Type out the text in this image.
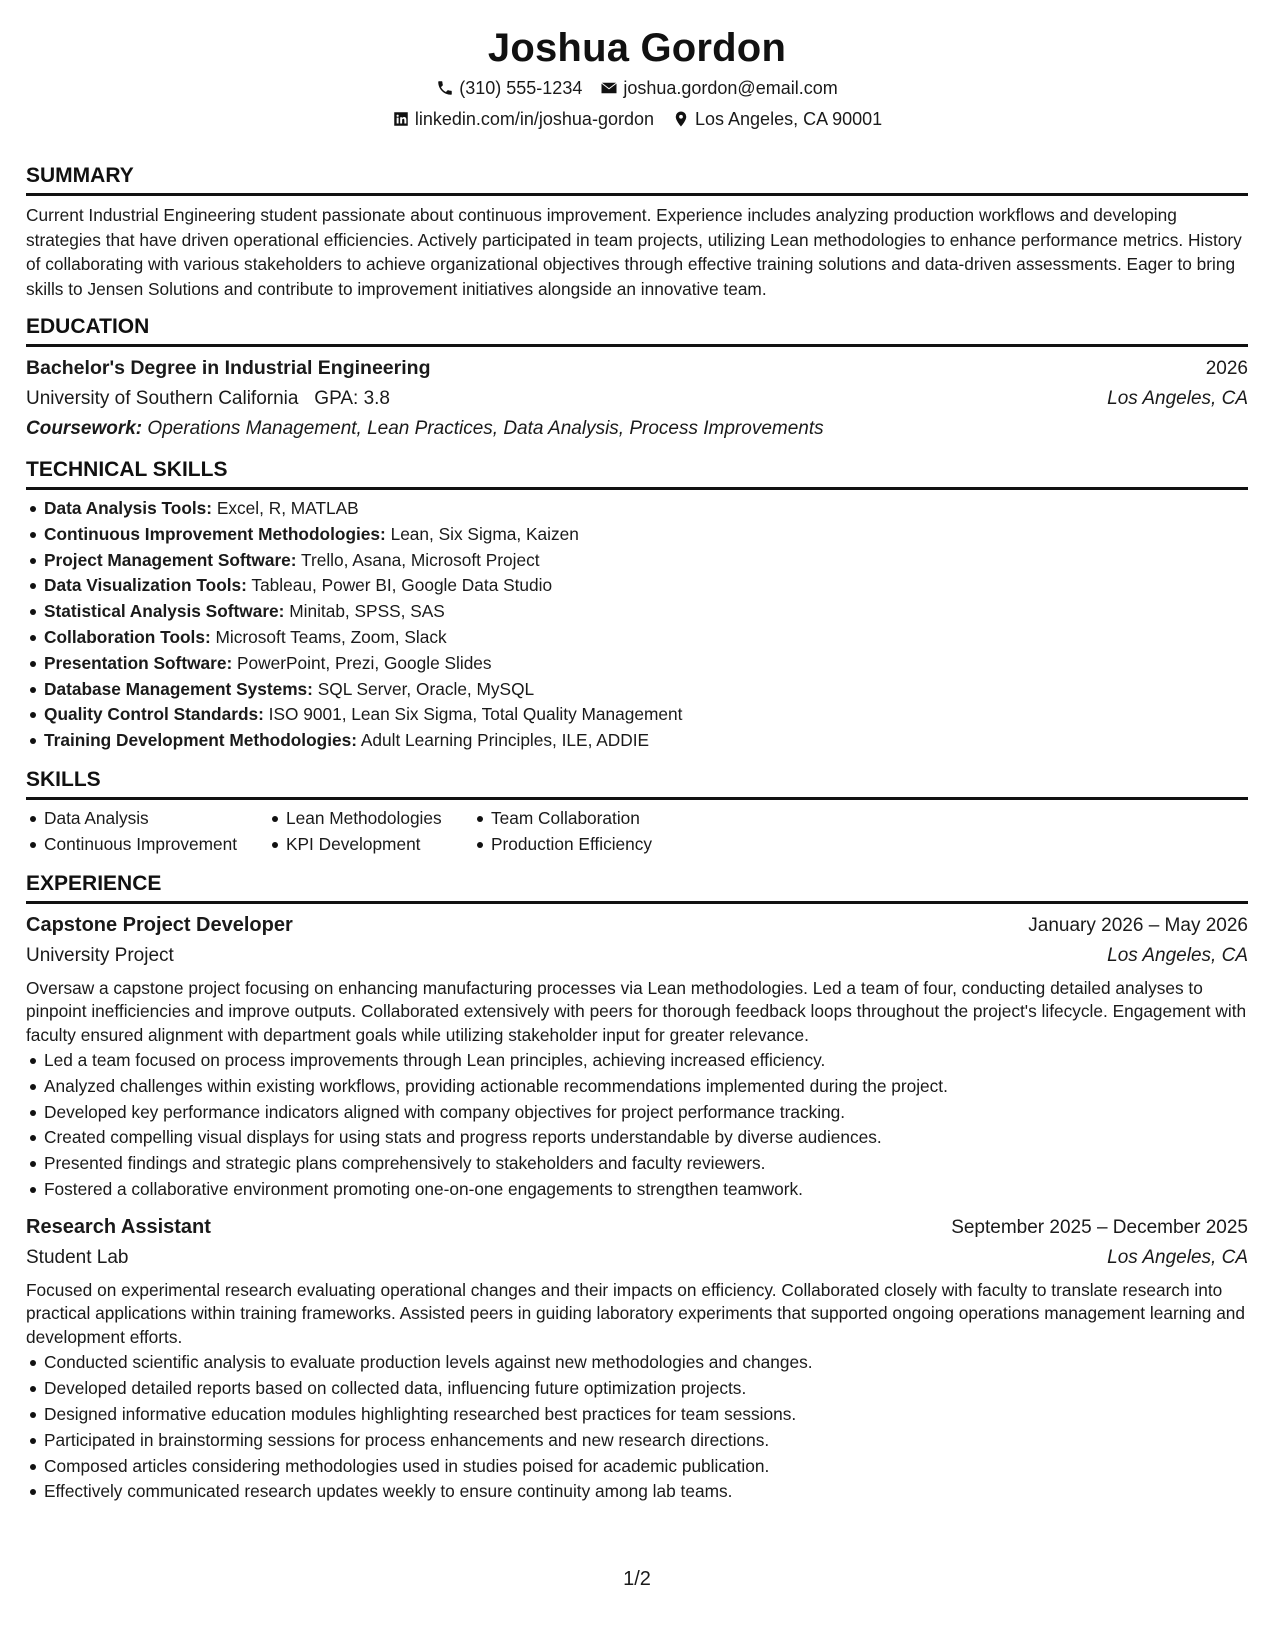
Joshua Gordon
(310) 555-1234 joshua.gordon@email.com
linkedin.com/in/joshua-gordon Los Angeles, CA 90001
SUMMARY
Current Industrial Engineering student passionate about continuous improvement. Experience includes analyzing production workflows and developing strategies that have driven operational efficiencies. Actively participated in team projects, utilizing Lean methodologies to enhance performance metrics. History of collaborating with various stakeholders to achieve organizational objectives through effective training solutions and data-driven assessments. Eager to bring skills to Jensen Solutions and contribute to improvement initiatives alongside an innovative team.
EDUCATION
Bachelor's Degree in Industrial Engineering	2026
University of Southern California   GPA: 3.8	Los Angeles, CA
Coursework: Operations Management, Lean Practices, Data Analysis, Process Improvements
TECHNICAL SKILLS
Data Analysis Tools: Excel, R, MATLAB
Continuous Improvement Methodologies: Lean, Six Sigma, Kaizen
Project Management Software: Trello, Asana, Microsoft Project
Data Visualization Tools: Tableau, Power BI, Google Data Studio
Statistical Analysis Software: Minitab, SPSS, SAS
Collaboration Tools: Microsoft Teams, Zoom, Slack
Presentation Software: PowerPoint, Prezi, Google Slides
Database Management Systems: SQL Server, Oracle, MySQL
Quality Control Standards: ISO 9001, Lean Six Sigma, Total Quality Management
Training Development Methodologies: Adult Learning Principles, ILE, ADDIE
SKILLS
Data Analysis
Continuous Improvement
Lean Methodologies
KPI Development
Team Collaboration
Production Efficiency
EXPERIENCE
Capstone Project Developer	January 2026 – May 2026
University Project	Los Angeles, CA
Oversaw a capstone project focusing on enhancing manufacturing processes via Lean methodologies. Led a team of four, conducting detailed analyses to pinpoint inefficiencies and improve outputs. Collaborated extensively with peers for thorough feedback loops throughout the project's lifecycle. Engagement with faculty ensured alignment with department goals while utilizing stakeholder input for greater relevance.
Led a team focused on process improvements through Lean principles, achieving increased efficiency.
Analyzed challenges within existing workflows, providing actionable recommendations implemented during the project.
Developed key performance indicators aligned with company objectives for project performance tracking.
Created compelling visual displays for using stats and progress reports understandable by diverse audiences.
Presented findings and strategic plans comprehensively to stakeholders and faculty reviewers.
Fostered a collaborative environment promoting one-on-one engagements to strengthen teamwork.
Research Assistant	September 2025 – December 2025
Student Lab	Los Angeles, CA
Focused on experimental research evaluating operational changes and their impacts on efficiency. Collaborated closely with faculty to translate research into practical applications within training frameworks. Assisted peers in guiding laboratory experiments that supported ongoing operations management learning and development efforts.
Conducted scientific analysis to evaluate production levels against new methodologies and changes.
Developed detailed reports based on collected data, influencing future optimization projects.
Designed informative education modules highlighting researched best practices for team sessions.
Participated in brainstorming sessions for process enhancements and new research directions.
Composed articles considering methodologies used in studies poised for academic publication.
Effectively communicated research updates weekly to ensure continuity among lab teams.
1/2
